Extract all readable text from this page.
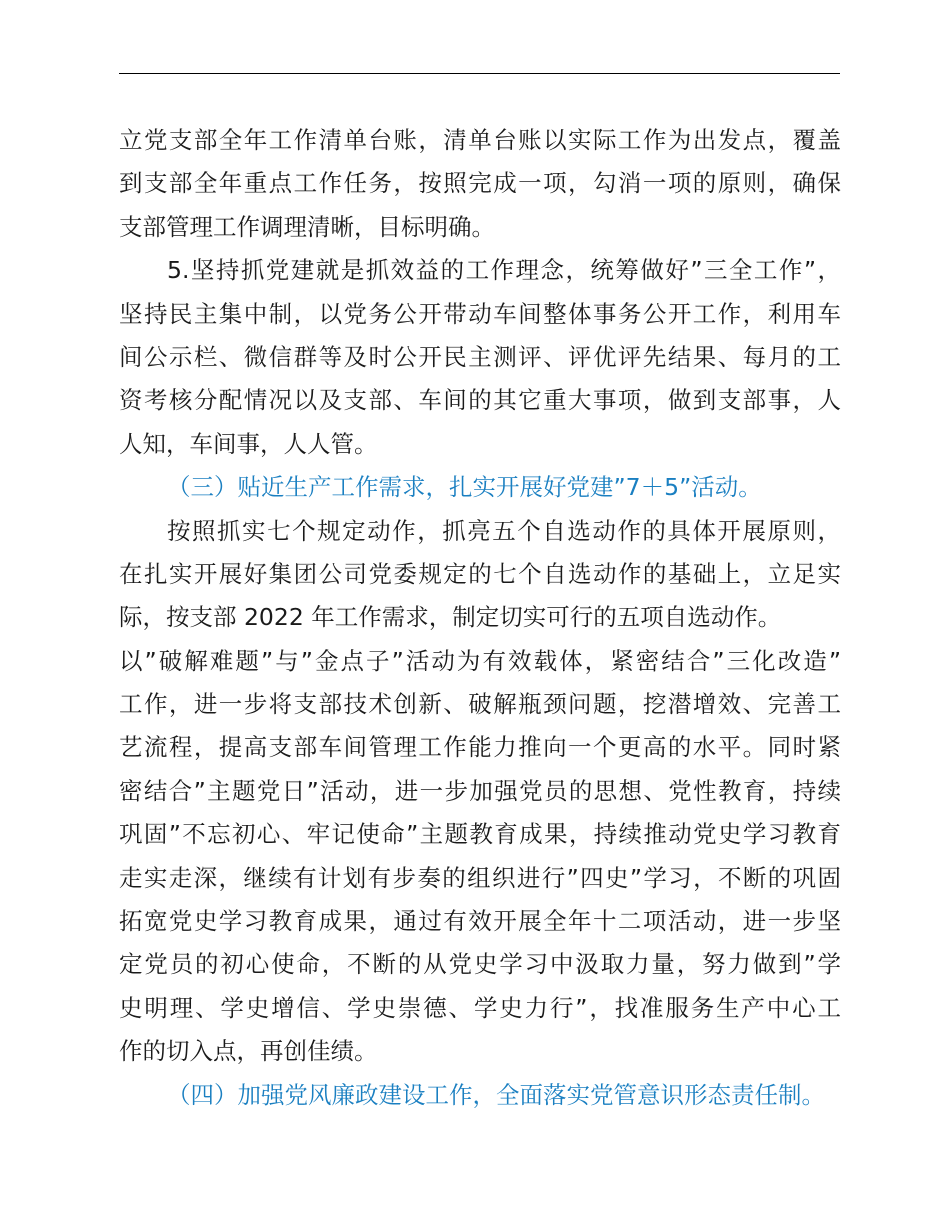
立党支部全年工作清单台账，清单台账以实际工作为出发点，覆盖
到支部全年重点工作任务，按照完成一项，勾消一项的原则，确保
支部管理工作调理清晰，目标明确。
5.坚持抓党建就是抓效益的工作理念，统筹做好”三全工作”，
坚持民主集中制，以党务公开带动车间整体事务公开工作，利用车
间公示栏、微信群等及时公开民主测评、评优评先结果、每月的工
资考核分配情况以及支部、车间的其它重大事项，做到支部事，人
人知，车间事，人人管。
（三）贴近生产工作需求，扎实开展好党建”7＋5”活动。
按照抓实七个规定动作，抓亮五个自选动作的具体开展原则，
在扎实开展好集团公司党委规定的七个自选动作的基础上，立足实
际，按支部 2022 年工作需求，制定切实可行的五项自选动作。
以”破解难题”与”金点子”活动为有效载体，紧密结合”三化改造”
工作，进一步将支部技术创新、破解瓶颈问题，挖潜增效、完善工
艺流程，提高支部车间管理工作能力推向一个更高的水平。同时紧
密结合”主题党日”活动，进一步加强党员的思想、党性教育，持续
巩固”不忘初心、牢记使命”主题教育成果，持续推动党史学习教育
走实走深，继续有计划有步奏的组织进行”四史”学习，不断的巩固
拓宽党史学习教育成果，通过有效开展全年十二项活动，进一步坚
定党员的初心使命，不断的从党史学习中汲取力量，努力做到”学
史明理、学史增信、学史崇德、学史力行”，找准服务生产中心工
作的切入点，再创佳绩。
（四）加强党风廉政建设工作，全面落实党管意识形态责任制。
